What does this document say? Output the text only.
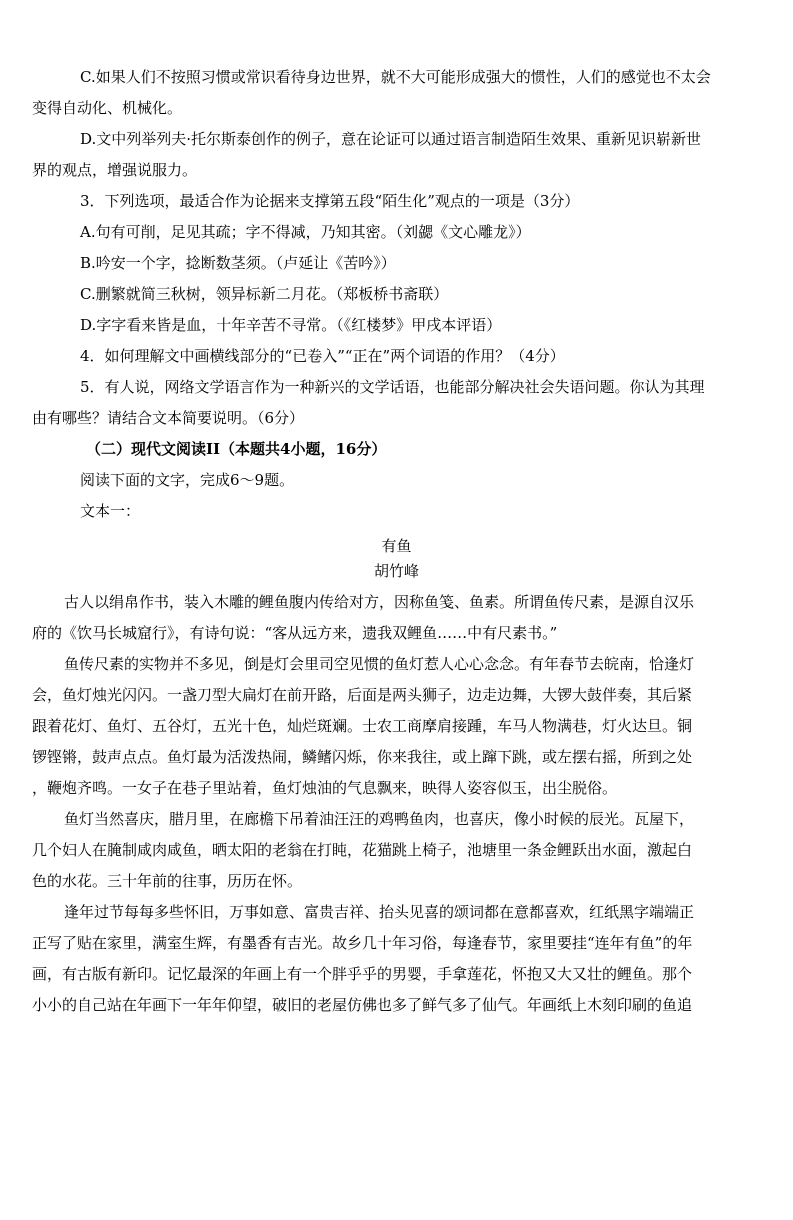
C.如果人们不按照习惯或常识看待身边世界，就不大可能形成强大的惯性，人们的感觉也不太会
变得自动化、机械化。
D.文中列举列夫·托尔斯泰创作的例子，意在论证可以通过语言制造陌生效果、重新见识崭新世
界的观点，增强说服力。
3．下列选项，最适合作为论据来支撑第五段“陌生化”观点的一项是（3分）
A.句有可削，足见其疏；字不得减，乃知其密。（刘勰《文心雕龙》）
B.吟安一个字，捻断数茎须。（卢延让《苦吟》）
C.删繁就简三秋树，领异标新二月花。（郑板桥书斋联）
D.字字看来皆是血，十年辛苦不寻常。（《红楼梦》甲戌本评语）
4．如何理解文中画横线部分的“已卷入”“正在”两个词语的作用？（4分）
5．有人说，网络文学语言作为一种新兴的文学话语，也能部分解决社会失语问题。你认为其理
由有哪些？请结合文本简要说明。（6分）
（二）现代文阅读II（本题共4小题，16分）
阅读下面的文字，完成6～9题。
文本一：
有鱼
胡竹峰
古人以绢帛作书，装入木雕的鲤鱼腹内传给对方，因称鱼笺、鱼素。所谓鱼传尺素，是源自汉乐
府的《饮马长城窟行》，有诗句说：“客从远方来，遗我双鲤鱼……中有尺素书。”
鱼传尺素的实物并不多见，倒是灯会里司空见惯的鱼灯惹人心心念念。有年春节去皖南，恰逢灯
会，鱼灯烛光闪闪。一盏刀型大扁灯在前开路，后面是两头狮子，边走边舞，大锣大鼓伴奏，其后紧
跟着花灯、鱼灯、五谷灯，五光十色，灿烂斑斓。士农工商摩肩接踵，车马人物满巷，灯火达旦。铜
锣铿锵，鼓声点点。鱼灯最为活泼热闹，鳞鳍闪烁，你来我往，或上蹿下跳，或左摆右摇，所到之处
，鞭炮齐鸣。一女子在巷子里站着，鱼灯烛油的气息飘来，映得人姿容似玉，出尘脱俗。
鱼灯当然喜庆，腊月里，在廊檐下吊着油汪汪的鸡鸭鱼肉，也喜庆，像小时候的辰光。瓦屋下，
几个妇人在腌制咸肉咸鱼，晒太阳的老翁在打盹，花猫跳上椅子，池塘里一条金鲤跃出水面，激起白
色的水花。三十年前的往事，历历在怀。
逢年过节每每多些怀旧，万事如意、富贵吉祥、抬头见喜的颂词都在意都喜欢，红纸黑字端端正
正写了贴在家里，满室生辉，有墨香有吉光。故乡几十年习俗，每逢春节，家里要挂“连年有鱼”的年
画，有古版有新印。记忆最深的年画上有一个胖乎乎的男婴，手拿莲花，怀抱又大又壮的鲤鱼。那个
小小的自己站在年画下一年年仰望，破旧的老屋仿佛也多了鲜气多了仙气。年画纸上木刻印刷的鱼追
